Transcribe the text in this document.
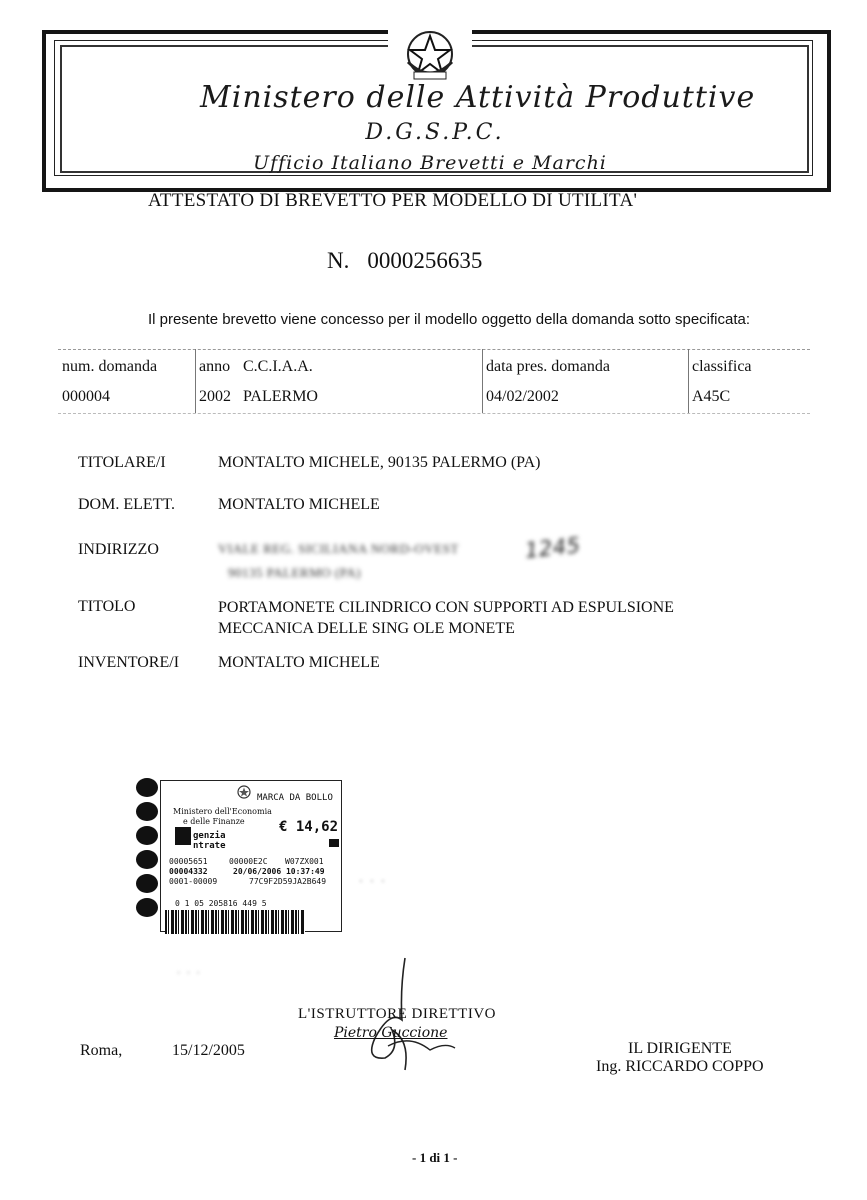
Ministero delle Attività Produttive
D.G.S.P.C.
Ufficio Italiano Brevetti e Marchi
ATTESTATO DI BREVETTO PER MODELLO DI UTILITA'
N. 0000256635
Il presente brevetto viene concesso per il modello oggetto della domanda sotto specificata:
num. domanda	anno C.C.I.A.A.	data pres. domanda	classifica
000004	2002 PALERMO	04/02/2002	A45C
TITOLARE/I	MONTALTO MICHELE, 90135 PALERMO (PA)
DOM. ELETT.	MONTALTO MICHELE
INDIRIZZO	VIALE REG. SICILIANA NORD-OVEST	1245
90135 PALERMO (PA)
TITOLO	PORTAMONETE CILINDRICO CON SUPPORTI AD ESPULSIONE
MECCANICA DELLE SING OLE MONETE
INVENTORE/I MONTALTO MICHELE
MARCA DA BOLLO
Ministero dell'Economia
e delle Finanze € 14,62
genzia
ntrate
00005651	00000E2C W07ZX001
00004332	20/06/2006 10:37:49
0001-00009	77C9F2D59JA2B649
0 1 05 205816 449 5
· · ·
· · ·
L'ISTRUTTORE DIRETTIVO
Pietro Guccione
Roma,	15/12/2005	IL DIRIGENTE
Ing. RICCARDO COPPO
- 1 di 1 -
